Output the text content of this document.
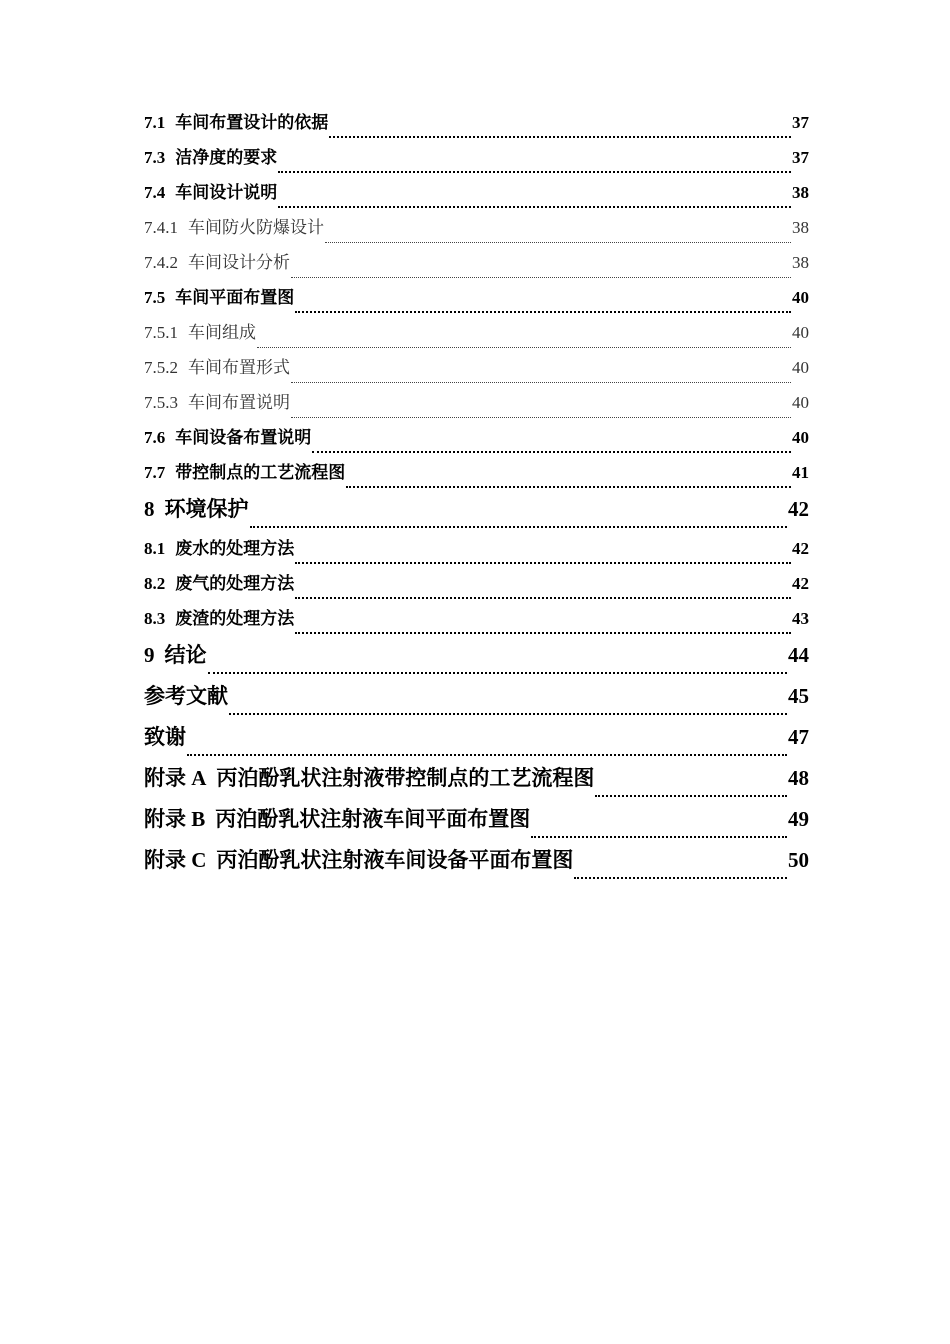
7.1 车间布置设计的依据	37
7.3 洁净度的要求	37
7.4 车间设计说明	38
7.4.1 车间防火防爆设计	38
7.4.2 车间设计分析	38
7.5 车间平面布置图	40
7.5.1 车间组成	40
7.5.2 车间布置形式	40
7.5.3 车间布置说明	40
7.6 车间设备布置说明	40
7.7 带控制点的工艺流程图	41
8 环境保护	42
8.1 废水的处理方法	42
8.2 废气的处理方法	42
8.3 废渣的处理方法	43
9 结论	44
参考文献	45
致谢	47
附录 A 丙泊酚乳状注射液带控制点的工艺流程图	48
附录 B 丙泊酚乳状注射液车间平面布置图	49
附录 C 丙泊酚乳状注射液车间设备平面布置图	50
